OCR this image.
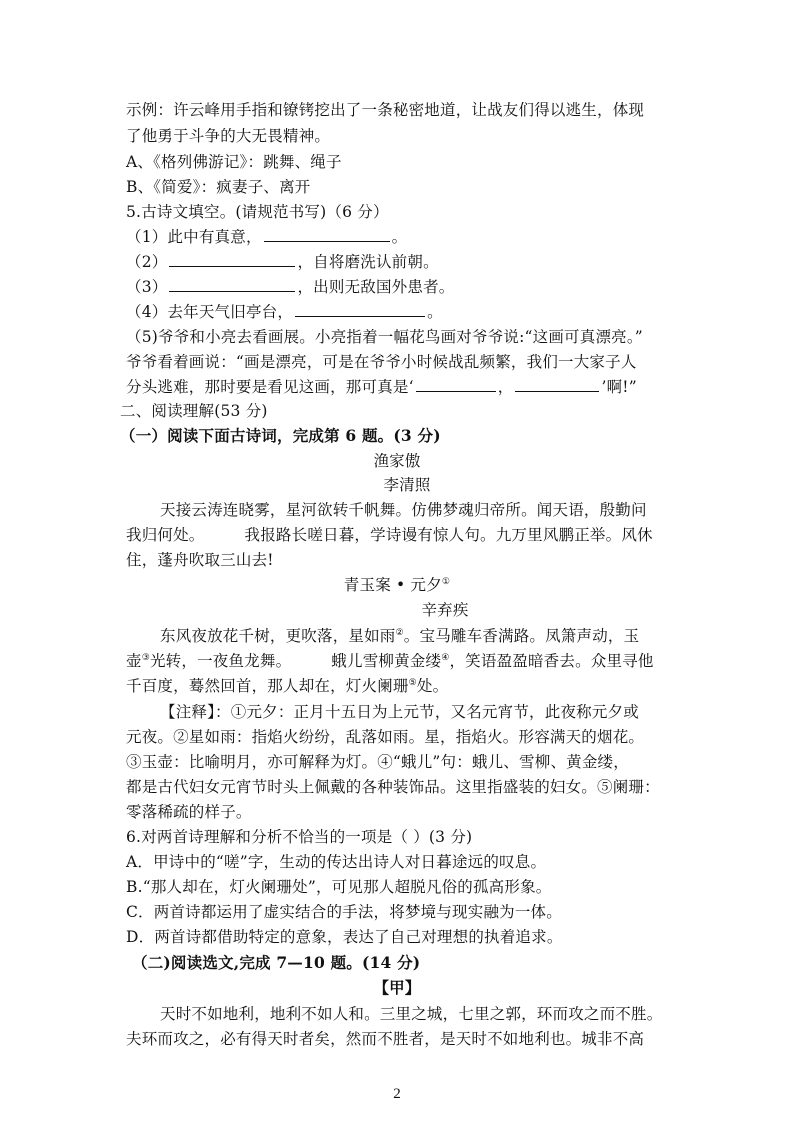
示例：许云峰用手指和镣铐挖出了一条秘密地道，让战友们得以逃生，体现
了他勇于斗争的大无畏精神。
A、《格列佛游记》：跳舞、绳子
B、《简爱》：疯妻子、离开
5.古诗文填空。(请规范书写)（6 分）
（1）此中有真意，	。
（2）	，自将磨洗认前朝。
（3）	，出则无敌国外患者。
（4）去年天气旧亭台，	。
（5)爷爷和小亮去看画展。小亮指着一幅花鸟画对爷爷说:“这画可真漂亮。”
爷爷看着画说：“画是漂亮，可是在爷爷小时候战乱频繁，我们一大家子人
分头逃难，那时要是看见这画，那可真是‘	，	’啊!”
二、阅读理解(53 分)
（一）阅读下面古诗词，完成第 6 题。(3 分)
渔家傲
李清照
天接云涛连晓雾，星河欲转千帆舞。仿佛梦魂归帝所。闻天语，殷勤问
我归何处。	我报路长嗟日暮，学诗谩有惊人句。九万里风鹏正举。风休
住，蓬舟吹取三山去!
青玉案 • 元夕①
辛弃疾
东风夜放花千树，更吹落，星如雨②。宝马雕车香满路。凤箫声动，玉
壶③光转，一夜鱼龙舞。	蛾儿雪柳黄金缕④，笑语盈盈暗香去。众里寻他
千百度，蓦然回首，那人却在，灯火阑珊⑤处。
【注释】：①元夕：正月十五日为上元节，又名元宵节，此夜称元夕或
元夜。②星如雨：指焰火纷纷，乱落如雨。星，指焰火。形容满天的烟花。
③玉壶：比喻明月，亦可解释为灯。④“蛾儿”句：蛾儿、雪柳、黄金缕，
都是古代妇女元宵节时头上佩戴的各种装饰品。这里指盛装的妇女。⑤阑珊：
零落稀疏的样子。
6.对两首诗理解和分析不恰当的一项是（ ）(3 分)
A．甲诗中的“嗟”字，生动的传达出诗人对日暮途远的叹息。
B.“那人却在，灯火阑珊处”，可见那人超脱凡俗的孤高形象。
C．两首诗都运用了虚实结合的手法，将梦境与现实融为一体。
D．两首诗都借助特定的意象，表达了自己对理想的执着追求。
（二)阅读选文,完成 7—10 题。(14 分)
【甲】
天时不如地利，地利不如人和。三里之城，七里之郭，环而攻之而不胜。
夫环而攻之，必有得天时者矣，然而不胜者，是天时不如地利也。城非不高
2
